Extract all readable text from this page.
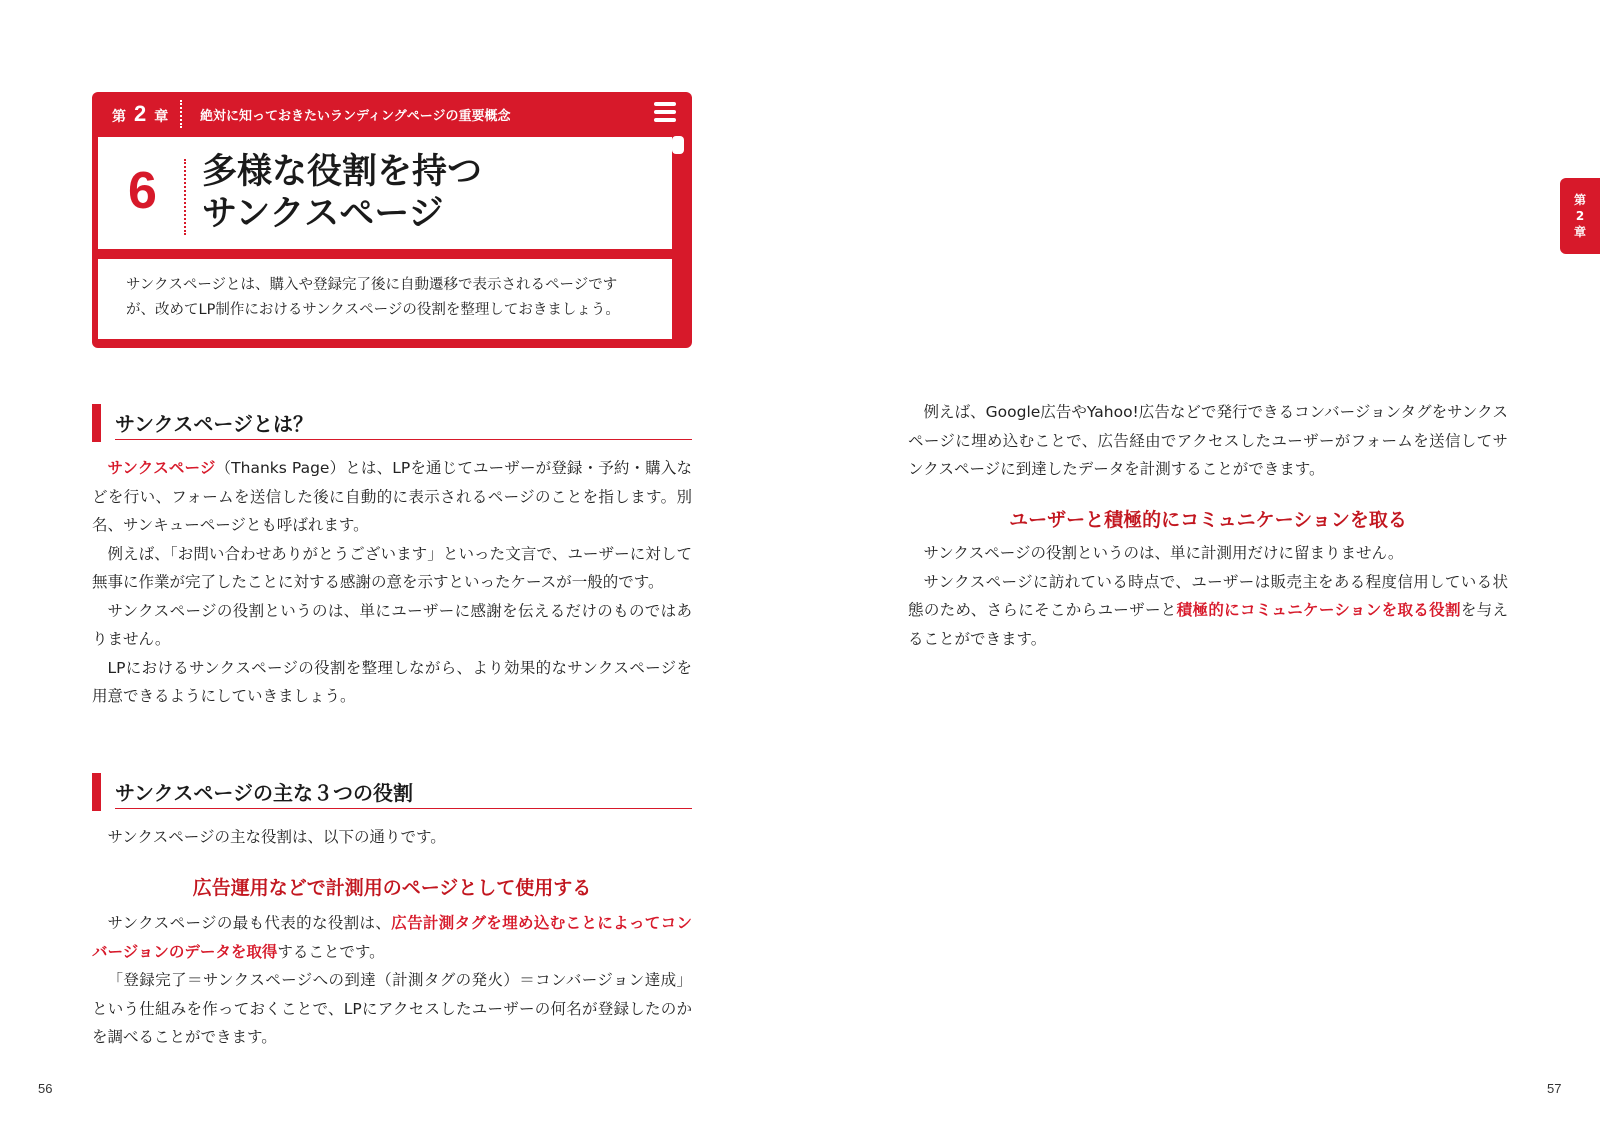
第 2 章 絶対に知っておきたいランディングページの重要概念
6 多様な役割を持つ
サンクスページ
サンクスページとは、購入や登録完了後に自動遷移で表示されるページです
が、改めてLP制作におけるサンクスページの役割を整理しておきましょう。
サンクスページとは？

サンクスページ（Thanks Page）とは、LPを通じてユーザーが登録・予約・購入などを行い、フォームを送信した後に自動的に表示されるページのことを指します。別名、サンキューページとも呼ばれます。

例えば、「お問い合わせありがとうございます」といった文言で、ユーザーに対して無事に作業が完了したことに対する感謝の意を示すといったケースが一般的です。

サンクスページの役割というのは、単にユーザーに感謝を伝えるだけのものではありません。

LPにおけるサンクスページの役割を整理しながら、より効果的なサンクスページを用意できるようにしていきましょう。

サンクスページの主な３つの役割

サンクスページの主な役割は、以下の通りです。

広告運用などで計測用のページとして使用する

サンクスページの最も代表的な役割は、広告計測タグを埋め込むことによってコンバージョンのデータを取得することです。

「登録完了＝サンクスページへの到達（計測タグの発火）＝コンバージョン達成」という仕組みを作っておくことで、LPにアクセスしたユーザーの何名が登録したのかを調べることができます。

56

例えば、Google広告やYahoo!広告などで発行できるコンバージョンタグをサンクスページに埋め込むことで、広告経由でアクセスしたユーザーがフォームを送信してサンクスページに到達したデータを計測することができます。

ユーザーと積極的にコミュニケーションを取る

サンクスページの役割というのは、単に計測用だけに留まりません。

サンクスページに訪れている時点で、ユーザーは販売主をある程度信用している状態のため、さらにそこからユーザーと積極的にコミュニケーションを取る役割を与えることができます。

57
第
2
章
